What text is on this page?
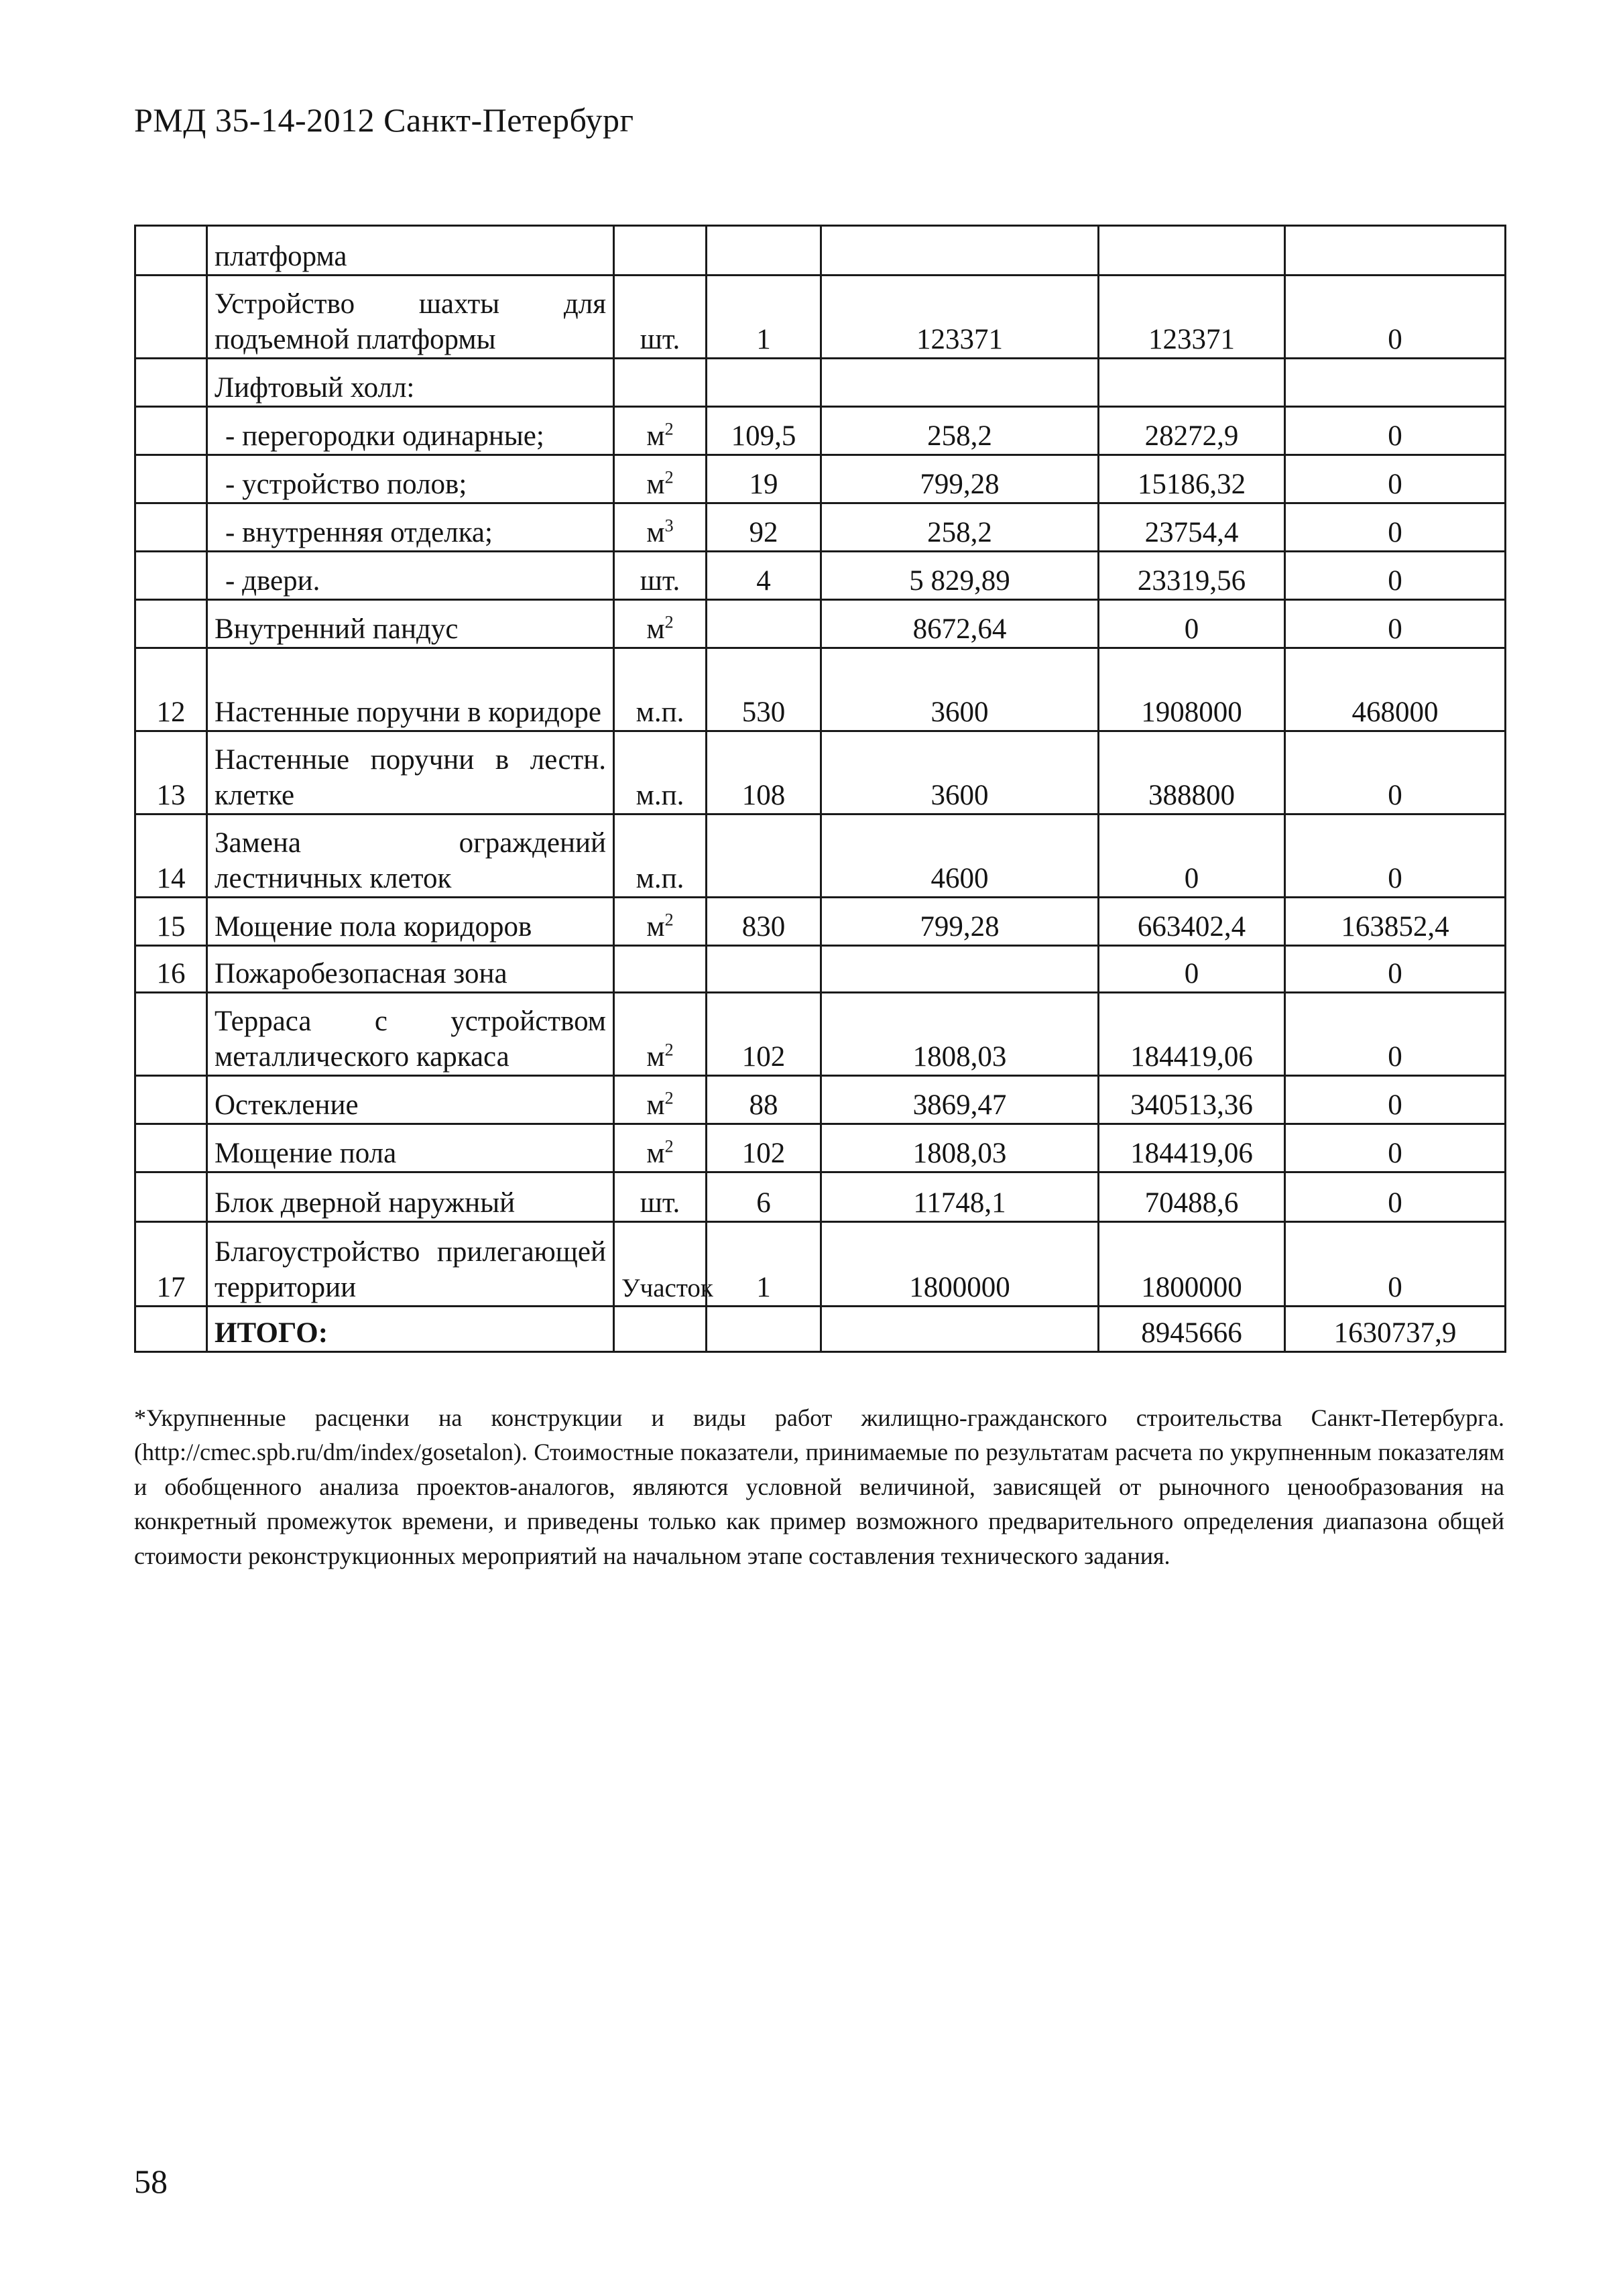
РМД 35-14-2012 Санкт-Петербург
	платформа					
	Устройство шахты для подъемной платформы	шт.	1	123371	123371	0
	Лифтовый холл:					
	- перегородки одинарные;	$м^2$	109,5	258,2	28272,9	0
	- устройство полов;	$м^2$	19	799,28	15186,32	0
	- внутренняя отделка;	$м^3$	92	258,2	23754,4	0
	- двери.	шт.	4	5 829,89	23319,56	0
	Внутренний пандус	$м^2$		8672,64	0	0
12	Настенные поручни в коридоре	м.п.	530	3600	1908000	468000
13	Настенные поручни в лестн. клетке	м.п.	108	3600	388800	0
14	Замена ограждений лестничных клеток	м.п.		4600	0	0
15	Мощение пола коридоров	$м^2$	830	799,28	663402,4	163852,4
16	Пожаробезопасная зона				0	0
	Терраса с устройством металлического каркаса	$м^2$	102	1808,03	184419,06	0
	Остекление	$м^2$	88	3869,47	340513,36	0
	Мощение пола	$м^2$	102	1808,03	184419,06	0
	Блок дверной наружный	шт.	6	11748,1	70488,6	0
17	Благоустройство прилегающей территории	Участок	1	1800000	1800000	0
	ИТОГО:				8945666	1630737,9
*Укрупненные расценки на конструкции и виды работ жилищно-гражданского строительства Санкт-Петербурга. (http://cmec.spb.ru/dm/index/gosetalon). Стоимостные показатели, принимаемые по результатам расчета по укрупненным показателям и обобщенного анализа проектов-аналогов, являются условной величиной, зависящей от рыночного ценообразования на конкретный промежуток времени, и приведены только как пример возможного предварительного определения диапазона общей стоимости реконструкционных мероприятий на начальном этапе составления технического задания.
58
